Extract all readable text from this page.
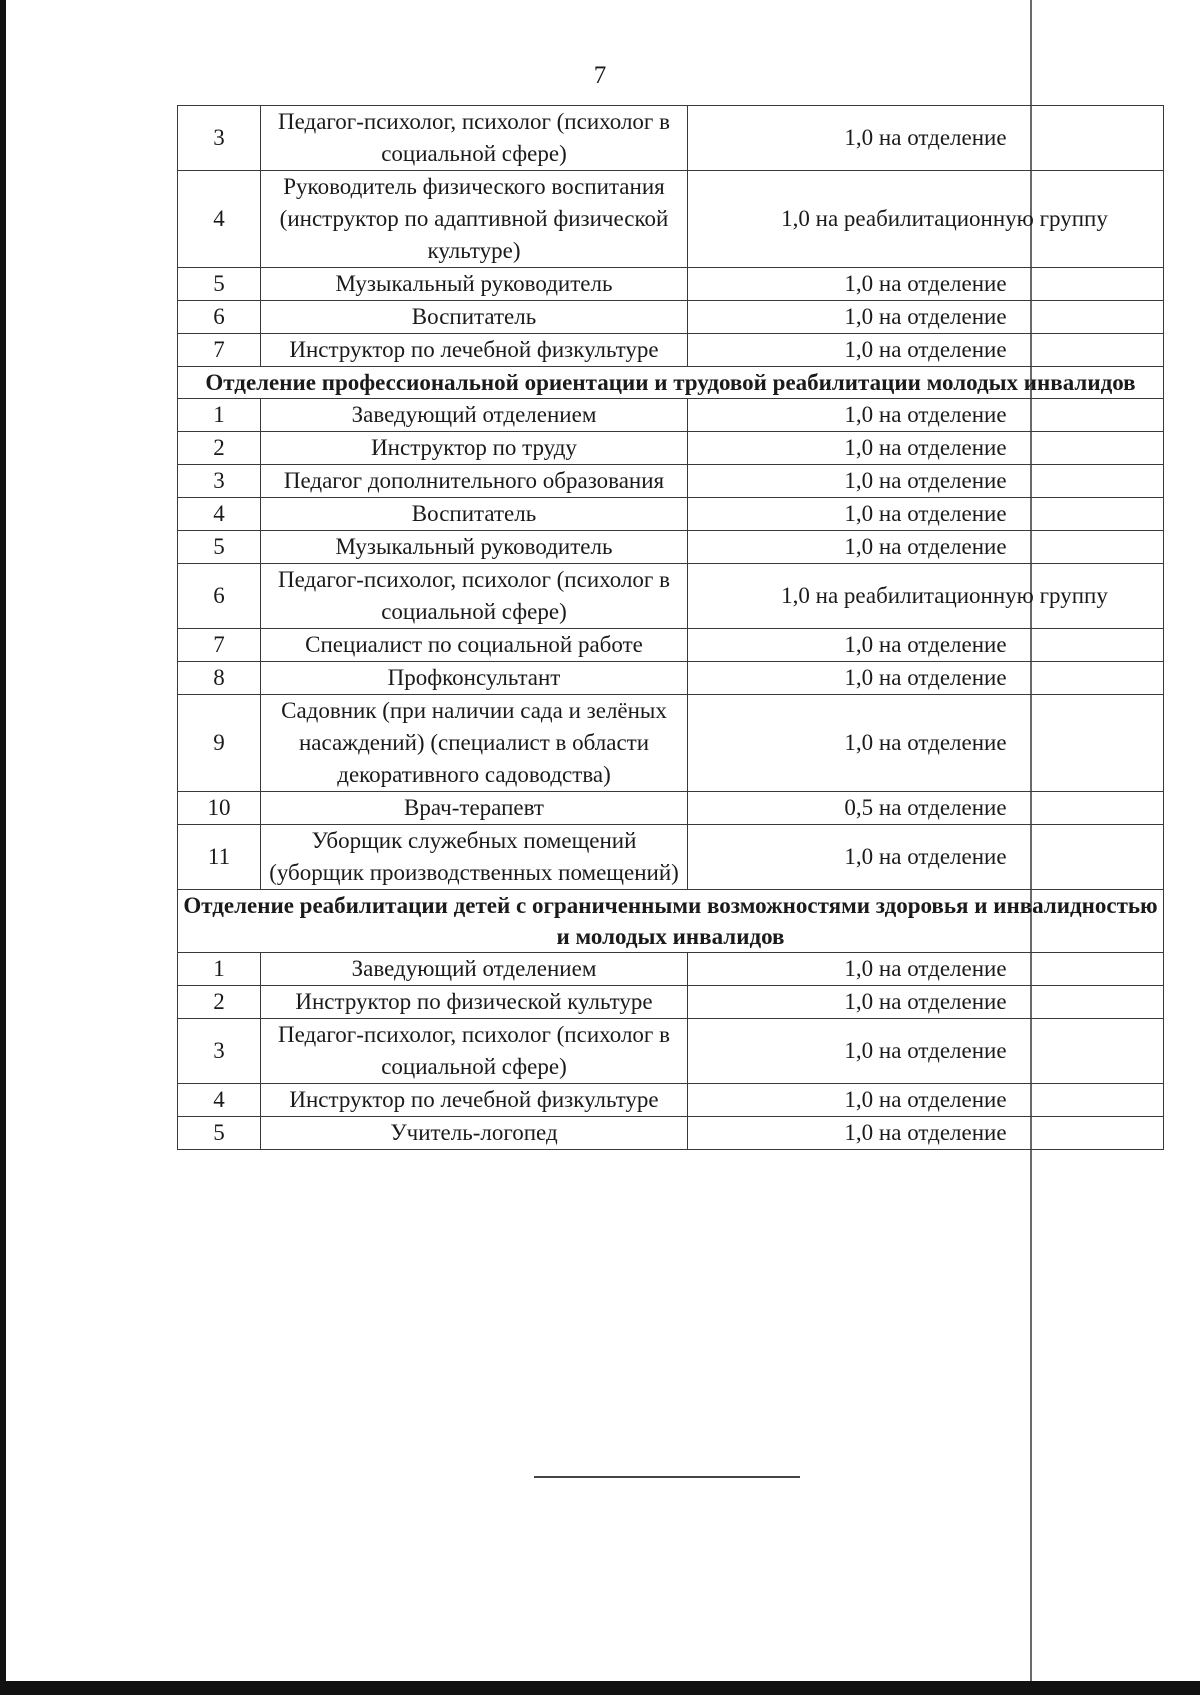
7
3	Педагог-психолог, психолог (психолог в социальной сфере)	1,0 на отделение
4	Руководитель физического воспитания (инструктор по адаптивной физической культуре)	1,0 на реабилитационную группу
5	Музыкальный руководитель	1,0 на отделение
6	Воспитатель	1,0 на отделение
7	Инструктор по лечебной физкультуре	1,0 на отделение
Отделение профессиональной ориентации и трудовой реабилитации молодых инвалидов		
1	Заведующий отделением	1,0 на отделение
2	Инструктор по труду	1,0 на отделение
3	Педагог дополнительного образования	1,0 на отделение
4	Воспитатель	1,0 на отделение
5	Музыкальный руководитель	1,0 на отделение
6	Педагог-психолог, психолог (психолог в социальной сфере)	1,0 на реабилитационную группу
7	Специалист по социальной работе	1,0 на отделение
8	Профконсультант	1,0 на отделение
9	Садовник (при наличии сада и зелёных насаждений) (специалист в области декоративного садоводства)	1,0 на отделение
10	Врач-терапевт	0,5 на отделение
11	Уборщик служебных помещений (уборщик производственных помещений)	1,0 на отделение
Отделение реабилитации детей с ограниченными возможностями здоровья и инвалидностью и молодых инвалидов		
1	Заведующий отделением	1,0 на отделение
2	Инструктор по физической культуре	1,0 на отделение
3	Педагог-психолог, психолог (психолог в социальной сфере)	1,0 на отделение
4	Инструктор по лечебной физкультуре	1,0 на отделение
5	Учитель-логопед	1,0 на отделение
